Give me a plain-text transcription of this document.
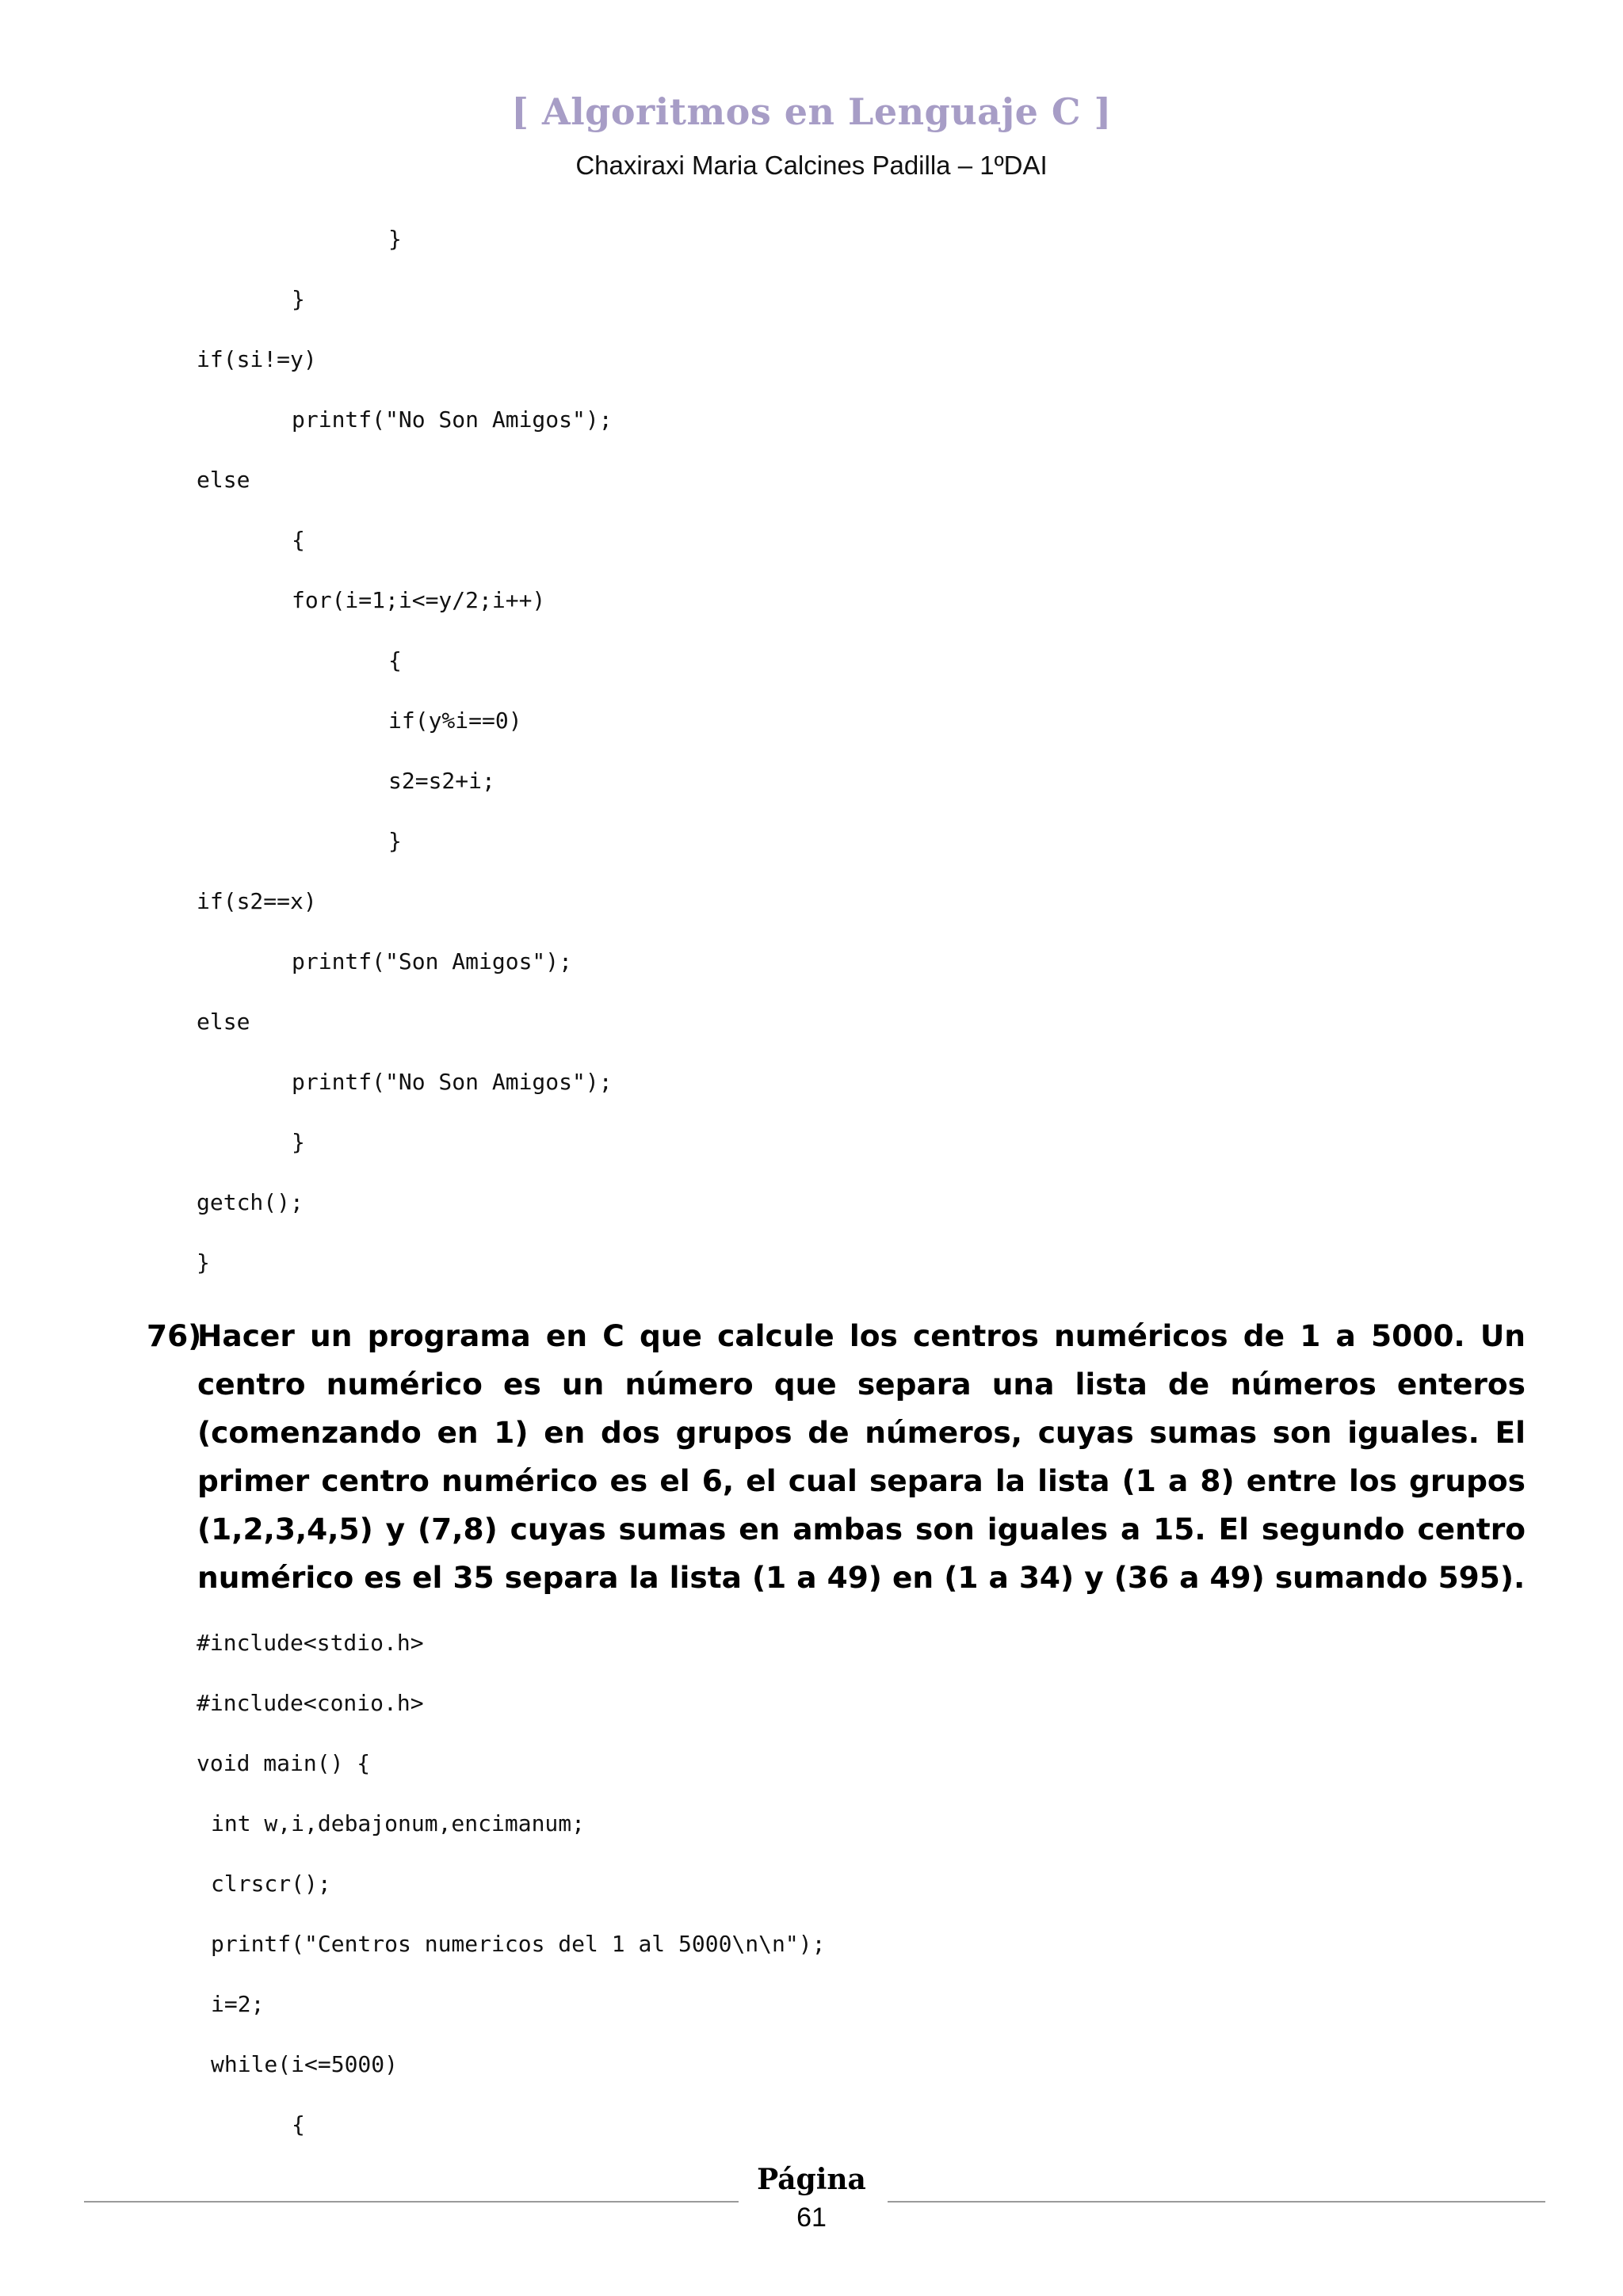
[ Algoritmos en Lenguaje C ]
Chaxiraxi Maria Calcines Padilla – 1ºDAI
}
}
if(si!=y)
printf("No Son Amigos");
else
{
for(i=1;i<=y/2;i++)
{
if(y%i==0)
s2=s2+i;
}
if(s2==x)
printf("Son Amigos");
else
printf("No Son Amigos");
}
getch();
}
76)
Hacer un programa en C que calcule los centros numéricos de 1 a 5000. Un centro numérico es un número que separa una lista de números enteros (comenzando en 1) en dos grupos de números, cuyas sumas son iguales. El primer centro numérico es el 6, el cual separa la lista (1 a 8) entre los grupos (1,2,3,4,5) y (7,8) cuyas sumas en ambas son iguales a 15. El segundo centro numérico es el 35 separa la lista (1 a 49) en (1 a 34) y (36 a 49) sumando 595).
#include<stdio.h>
#include<conio.h>
void main() {
int w,i,debajonum,encimanum;
clrscr();
printf("Centros numericos del 1 al 5000\n\n");
i=2;
while(i<=5000)
{
Página
61
